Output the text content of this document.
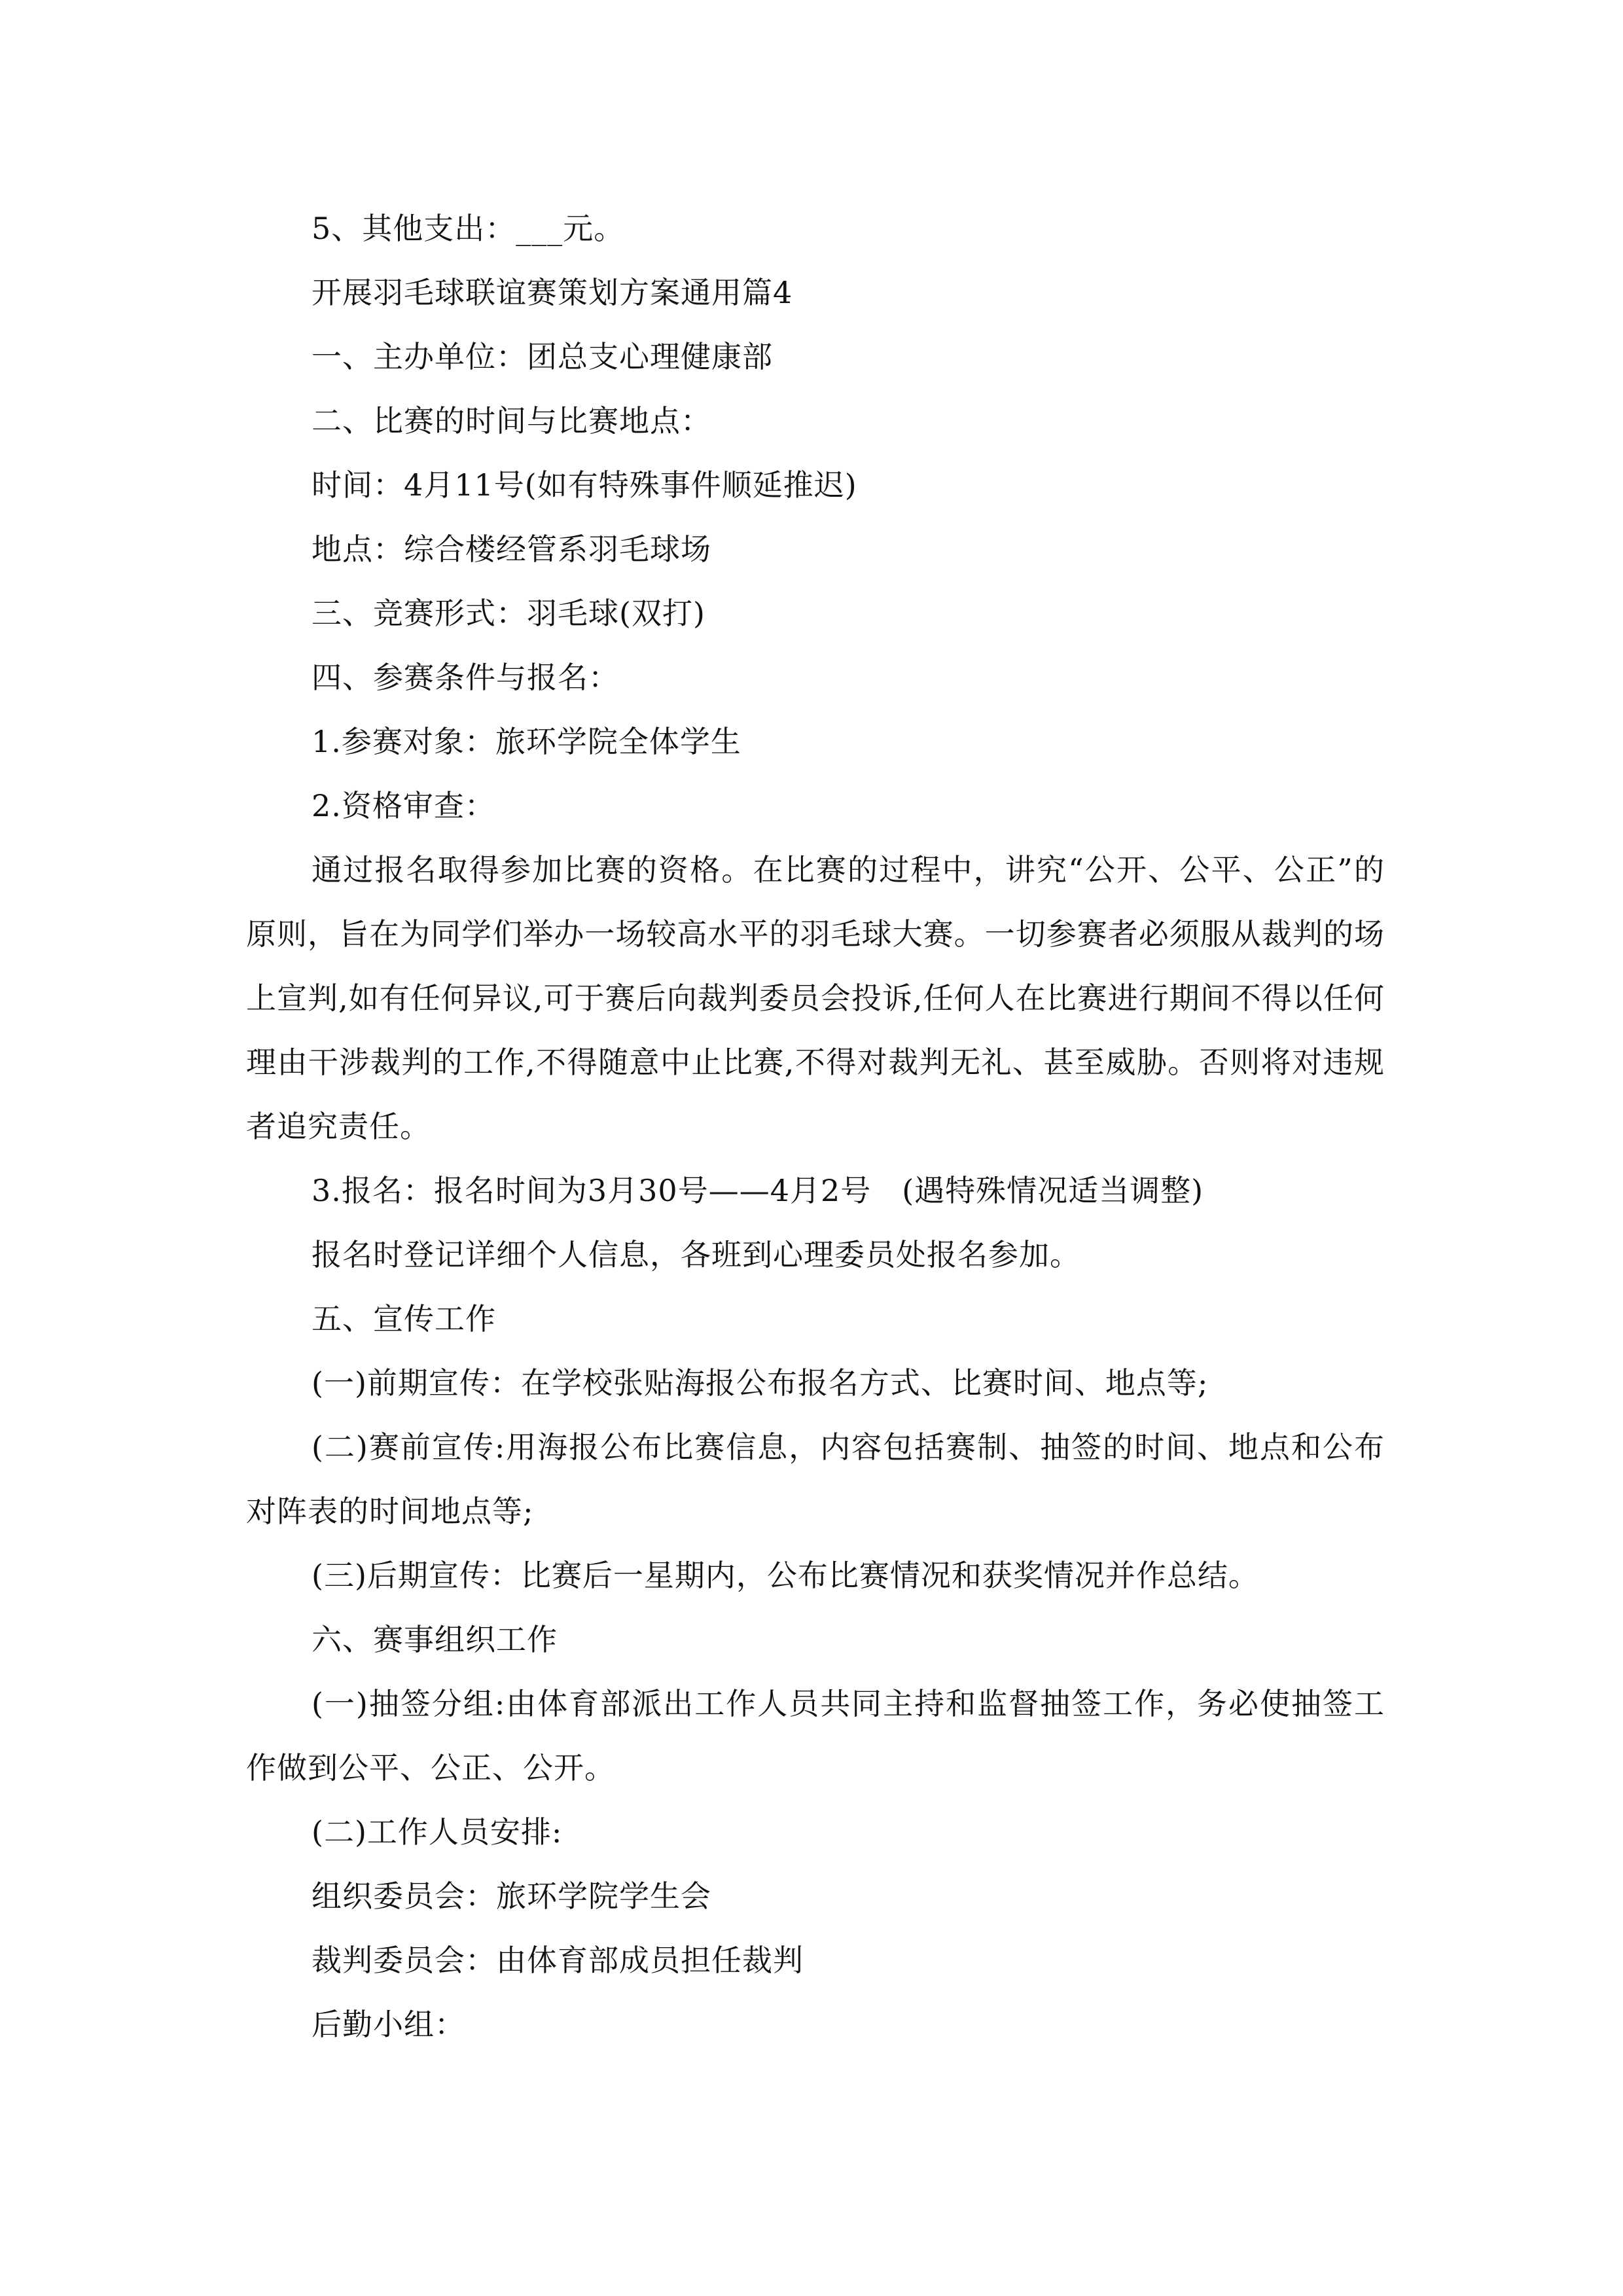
5、其他支出：___元。
开展羽毛球联谊赛策划方案通用篇4
一、主办单位：团总支心理健康部
二、比赛的时间与比赛地点：
时间：4月11号(如有特殊事件顺延推迟)
地点：综合楼经管系羽毛球场
三、竞赛形式：羽毛球(双打)
四、参赛条件与报名：
1.参赛对象：旅环学院全体学生
2.资格审查：

通过报名取得参加比赛的资格。在比赛的过程中，讲究“公开、公平、公正”的原则，旨在为同学们举办一场较高水平的羽毛球大赛。一切参赛者必须服从裁判的场上宣判,如有任何异议,可于赛后向裁判委员会投诉,任何人在比赛进行期间不得以任何理由干涉裁判的工作,不得随意中止比赛,不得对裁判无礼、甚至威胁。否则将对违规者追究责任。

3.报名：报名时间为3月30号——4月2号　(遇特殊情况适当调整)
报名时登记详细个人信息，各班到心理委员处报名参加。
五、宣传工作
(一)前期宣传：在学校张贴海报公布报名方式、比赛时间、地点等;

(二)赛前宣传:用海报公布比赛信息，内容包括赛制、抽签的时间、地点和公布对阵表的时间地点等;

(三)后期宣传：比赛后一星期内，公布比赛情况和获奖情况并作总结。
六、赛事组织工作

(一)抽签分组:由体育部派出工作人员共同主持和监督抽签工作，务必使抽签工作做到公平、公正、公开。

(二)工作人员安排:
组织委员会：旅环学院学生会
裁判委员会：由体育部成员担任裁判
后勤小组：
